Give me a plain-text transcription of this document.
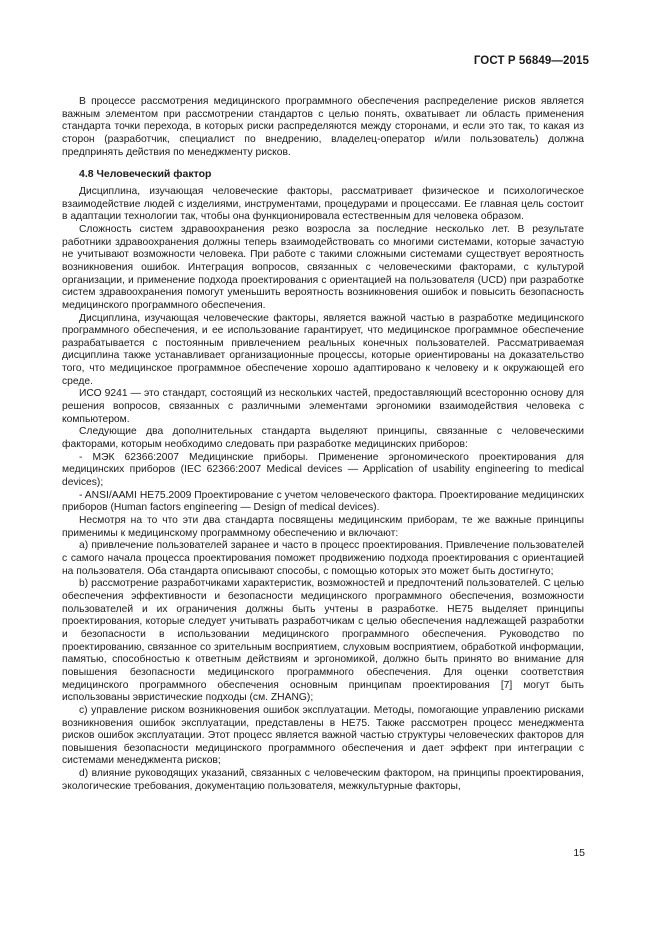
ГОСТ Р 56849—2015

В процессе рассмотрения медицинского программного обеспечения распределение рисков является важным элементом при рассмотрении стандартов с целью понять, охватывает ли область применения стандарта точки перехода, в которых риски распределяются между сторонами, и если это так, то какая из сторон (разработчик, специалист по внедрению, владелец-оператор и/или пользователь) должна предпринять действия по менеджменту рисков.

4.8 Человеческий фактор

Дисциплина, изучающая человеческие факторы, рассматривает физическое и психологическое взаимодействие людей с изделиями, инструментами, процедурами и процессами. Ее главная цель состоит в адаптации технологии так, чтобы она функционировала естественным для человека образом.

Сложность систем здравоохранения резко возросла за последние несколько лет. В результате работники здравоохранения должны теперь взаимодействовать со многими системами, которые зачастую не учитывают возможности человека. При работе с такими сложными системами существует вероятность возникновения ошибок. Интеграция вопросов, связанных с человеческими факторами, с культурой организации, и применение подхода проектирования с ориентацией на пользователя (UCD) при разработке систем здравоохранения помогут уменьшить вероятность возникновения ошибок и повысить безопасность медицинского программного обеспечения.

Дисциплина, изучающая человеческие факторы, является важной частью в разработке медицинского программного обеспечения, и ее использование гарантирует, что медицинское программное обеспечение разрабатывается с постоянным привлечением реальных конечных пользователей. Рассматриваемая дисциплина также устанавливает организационные процессы, которые ориентированы на доказательство того, что медицинское программное обеспечение хорошо адаптировано к человеку и к окружающей его среде.

ИСО 9241 — это стандарт, состоящий из нескольких частей, предоставляющий всесторонню основу для решения вопросов, связанных с различными элементами эргономики взаимодействия человека с компьютером.

Следующие два дополнительных стандарта выделяют принципы, связанные с человеческими факторами, которым необходимо следовать при разработке медицинских приборов:

- МЭК 62366:2007 Медицинские приборы. Применение эргономического проектирования для медицинских приборов (IEC 62366:2007 Medical devices — Application of usability engineering to medical devices);

- ANSI/AAMI HE75.2009 Проектирование с учетом человеческого фактора. Проектирование медицинских приборов (Human factors engineering — Design of medical devices).

Несмотря на то что эти два стандарта посвящены медицинским приборам, те же важные принципы применимы к медицинскому программному обеспечению и включают:

а) привлечение пользователей заранее и часто в процесс проектирования. Привлечение пользователей с самого начала процесса проектирования поможет продвижению подхода проектирования с ориентацией на пользователя. Оба стандарта описывают способы, с помощью которых это может быть достигнуто;

b) рассмотрение разработчиками характеристик, возможностей и предпочтений пользователей. С целью обеспечения эффективности и безопасности медицинского программного обеспечения, возможности пользователей и их ограничения должны быть учтены в разработке. HE75 выделяет принципы проектирования, которые следует учитывать разработчикам с целью обеспечения надлежащей разработки и безопасности в использовании медицинского программного обеспечения. Руководство по проектированию, связанное со зрительным восприятием, слуховым восприятием, обработкой информации, памятью, способностью к ответным действиям и эргономикой, должно быть принято во внимание для повышения безопасности медицинского программного обеспечения. Для оценки соответствия медицинского программного обеспечения основным принципам проектирования [7] могут быть использованы эвристические подходы (см. ZHANG);

с) управление риском возникновения ошибок эксплуатации. Методы, помогающие управлению рисками возникновения ошибок эксплуатации, представлены в HE75. Также рассмотрен процесс менеджмента рисков ошибок эксплуатации. Этот процесс является важной частью структуры человеческих факторов для повышения безопасности медицинского программного обеспечения и дает эффект при интеграции с системами менеджмента рисков;

d) влияние руководящих указаний, связанных с человеческим фактором, на принципы проектирования, экологические требования, документацию пользователя, межкультурные факторы,

15
